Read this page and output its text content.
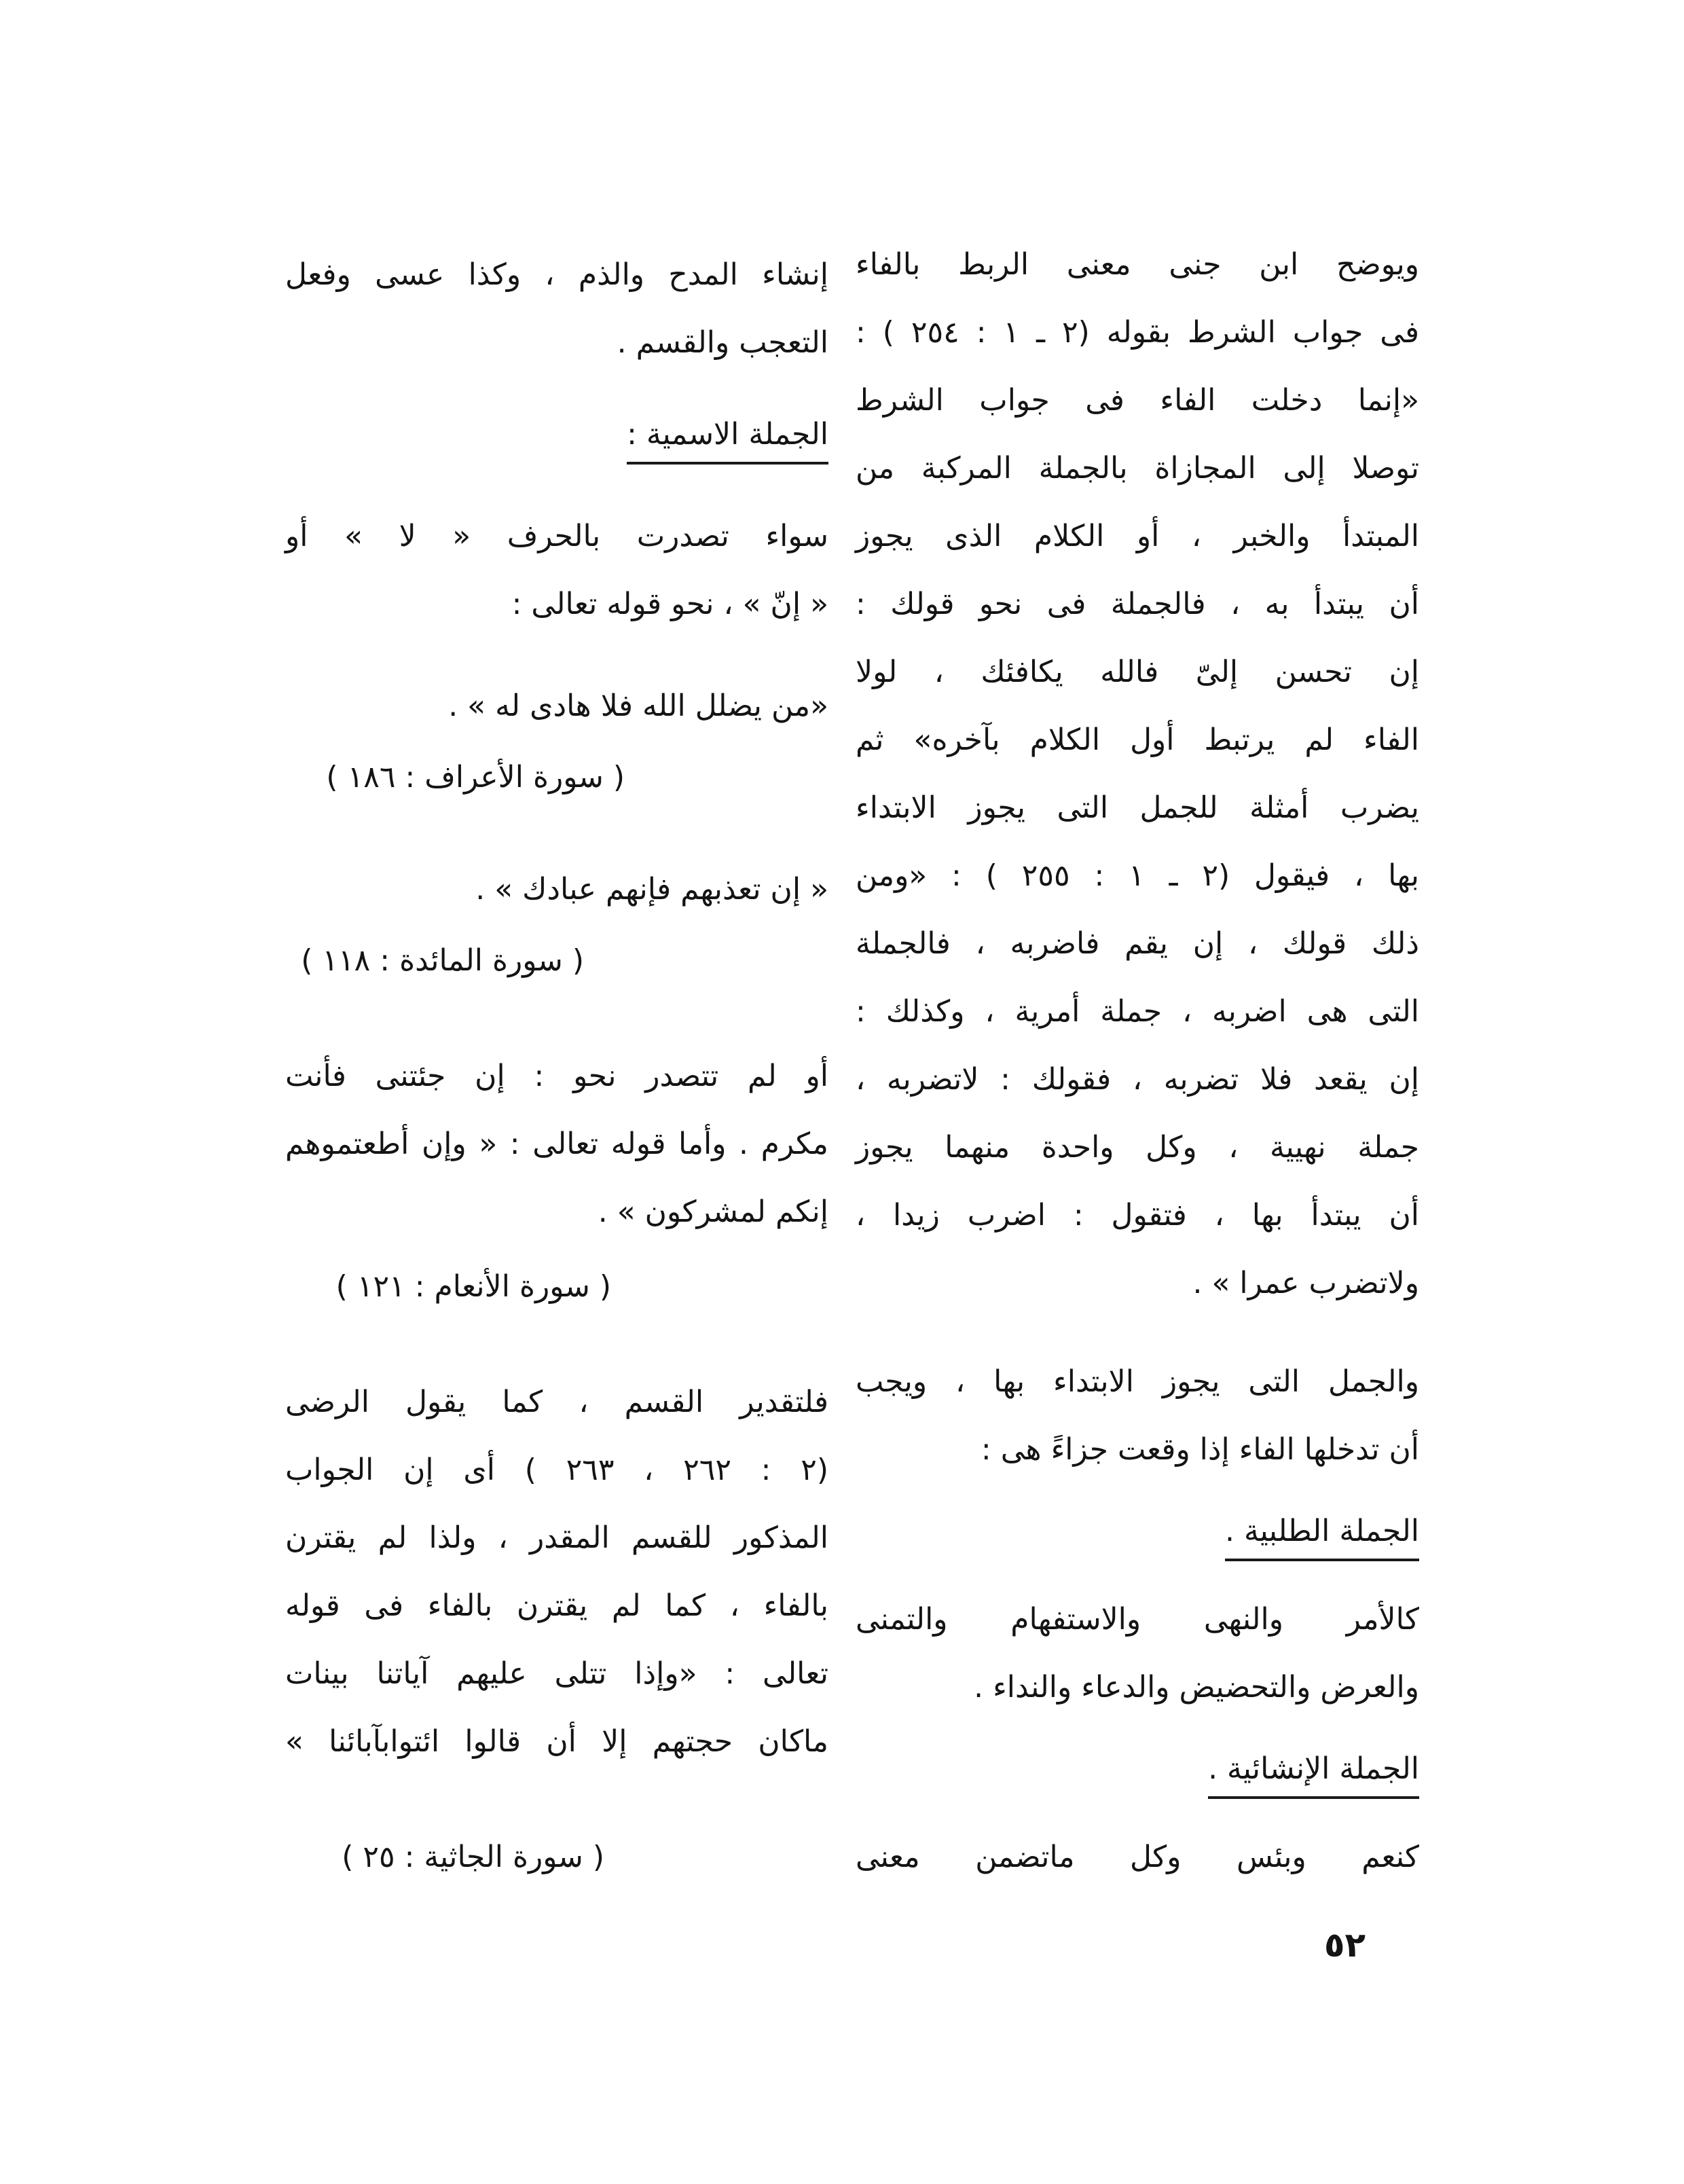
ويوضح ابن جنى معنى الربط بالفاء
فى جواب الشرط بقوله (٢ ـ ١ : ٢٥٤ ) :
«إنما دخلت الفاء فى جواب الشرط
توصلا إلى المجازاة بالجملة المركبة من
المبتدأ والخبر ، أو الكلام الذى يجوز
أن يبتدأ به ، فالجملة فى نحو قولك :
إن تحسن إلىّ فالله يكافئك ، لولا
الفاء لم يرتبط أول الكلام بآخره» ثم
يضرب أمثلة للجمل التى يجوز الابتداء
بها ، فيقول (٢ ـ ١ : ٢٥٥ ) : «ومن
ذلك قولك ، إن يقم فاضربه ، فالجملة
التى هى اضربه ، جملة أمرية ، وكذلك :
إن يقعد فلا تضربه ، فقولك : لاتضربه ،
جملة نهيية ، وكل واحدة منهما يجوز
أن يبتدأ بها ، فتقول : اضرب زيدا ،
ولاتضرب عمرا » .
والجمل التى يجوز الابتداء بها ، ويجب
أن تدخلها الفاء إذا وقعت جزاءً هى :
الجملة الطلبية .
كالأمر والنهى والاستفهام والتمنى
والعرض والتحضيض والدعاء والنداء .
الجملة الإنشائية .
كنعم وبئس وكل ماتضمن معنى
إنشاء المدح والذم ، وكذا عسى وفعل
التعجب والقسم .
الجملة الاسمية :
سواء تصدرت بالحرف « لا » أو
« إنّ » ، نحو قوله تعالى :
«من يضلل الله فلا هادى له » .
( سورة الأعراف : ١٨٦ )
« إن تعذبهم فإنهم عبادك » .
( سورة المائدة : ١١٨ )
أو لم تتصدر نحو : إن جئتنى فأنت
مكرم . وأما قوله تعالى : « وإن أطعتموهم
إنكم لمشركون » .
( سورة الأنعام : ١٢١ )
فلتقدير القسم ، كما يقول الرضى
(٢ : ٢٦٢ ، ٢٦٣ ) أى إن الجواب
المذكور للقسم المقدر ، ولذا لم يقترن
بالفاء ، كما لم يقترن بالفاء فى قوله
تعالى : «وإذا تتلى عليهم آياتنا بينات
ماكان حجتهم إلا أن قالوا ائتوابآبائنا »
( سورة الجاثية : ٢٥ )
٥٢
